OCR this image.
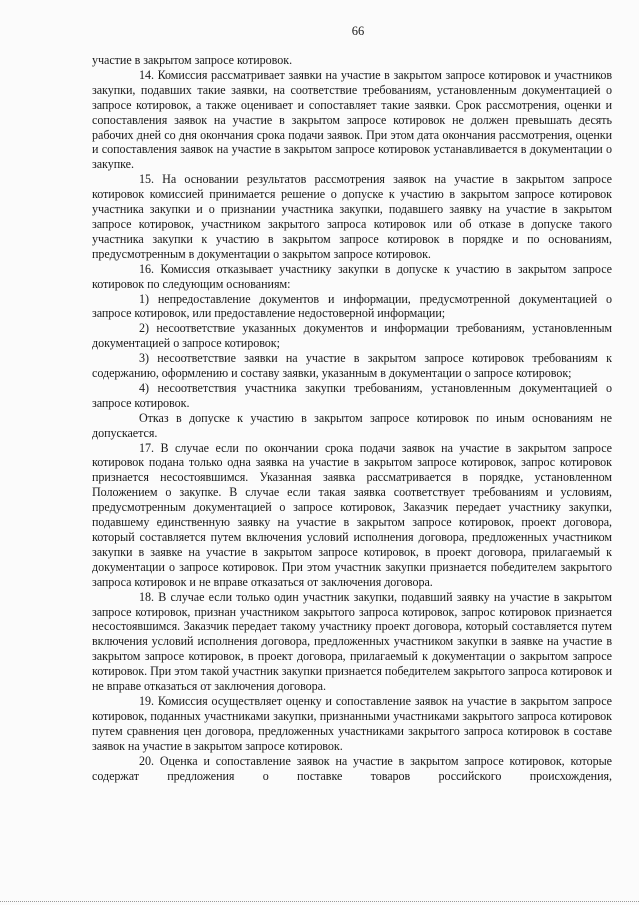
66

участие в закрытом запросе котировок.

14. Комиссия рассматривает заявки на участие в закрытом запросе котировок и участников закупки, подавших такие заявки, на соответствие требованиям, установленным документацией о запросе котировок, а также оценивает и сопоставляет такие заявки. Срок рассмотрения, оценки и сопоставления заявок на участие в закрытом запросе котировок не должен превышать десять рабочих дней со дня окончания срока подачи заявок. При этом дата окончания рассмотрения, оценки и сопоставления заявок на участие в закрытом запросе котировок устанавливается в документации о закупке.

15. На основании результатов рассмотрения заявок на участие в закрытом запросе котировок комиссией принимается решение о допуске к участию в закрытом запросе котировок участника закупки и о признании участника закупки, подавшего заявку на участие в закрытом запросе котировок, участником закрытого запроса котировок или об отказе в допуске такого участника закупки к участию в закрытом запросе котировок в порядке и по основаниям, предусмотренным в документации о закрытом запросе котировок.

16. Комиссия отказывает участнику закупки в допуске к участию в закрытом запросе котировок по следующим основаниям:

1) непредоставление документов и информации, предусмотренной документацией о запросе котировок, или предоставление недостоверной информации;

2) несоответствие указанных документов и информации требованиям, установленным документацией о запросе котировок;

3) несоответствие заявки на участие в закрытом запросе котировок требованиям к содержанию, оформлению и составу заявки, указанным в документации о запросе котировок;

4) несоответствия участника закупки требованиям, установленным документацией о запросе котировок.

Отказ в допуске к участию в закрытом запросе котировок по иным основаниям не допускается.

17. В случае если по окончании срока подачи заявок на участие в закрытом запросе котировок подана только одна заявка на участие в закрытом запросе котировок, запрос котировок признается несостоявшимся. Указанная заявка рассматривается в порядке, установленном Положением о закупке. В случае если такая заявка соответствует требованиям и условиям, предусмотренным документацией о запросе котировок, Заказчик передает участнику закупки, подавшему единственную заявку на участие в закрытом запросе котировок, проект договора, который составляется путем включения условий исполнения договора, предложенных участником закупки в заявке на участие в закрытом запросе котировок, в проект договора, прилагаемый к документации о запросе котировок. При этом участник закупки признается победителем закрытого запроса котировок и не вправе отказаться от заключения договора.

18. В случае если только один участник закупки, подавший заявку на участие в закрытом запросе котировок, признан участником закрытого запроса котировок, запрос котировок признается несостоявшимся. Заказчик передает такому участнику проект договора, который составляется путем включения условий исполнения договора, предложенных участником закупки в заявке на участие в закрытом запросе котировок, в проект договора, прилагаемый к документации о закрытом запросе котировок. При этом такой участник закупки признается победителем закрытого запроса котировок и не вправе отказаться от заключения договора.

19. Комиссия осуществляет оценку и сопоставление заявок на участие в закрытом запросе котировок, поданных участниками закупки, признанными участниками закрытого запроса котировок путем сравнения цен договора, предложенных участниками закрытого запроса котировок в составе заявок на участие в закрытом запросе котировок.

20. Оценка и сопоставление заявок на участие в закрытом запросе котировок, которые содержат предложения о поставке товаров российского происхождения,
